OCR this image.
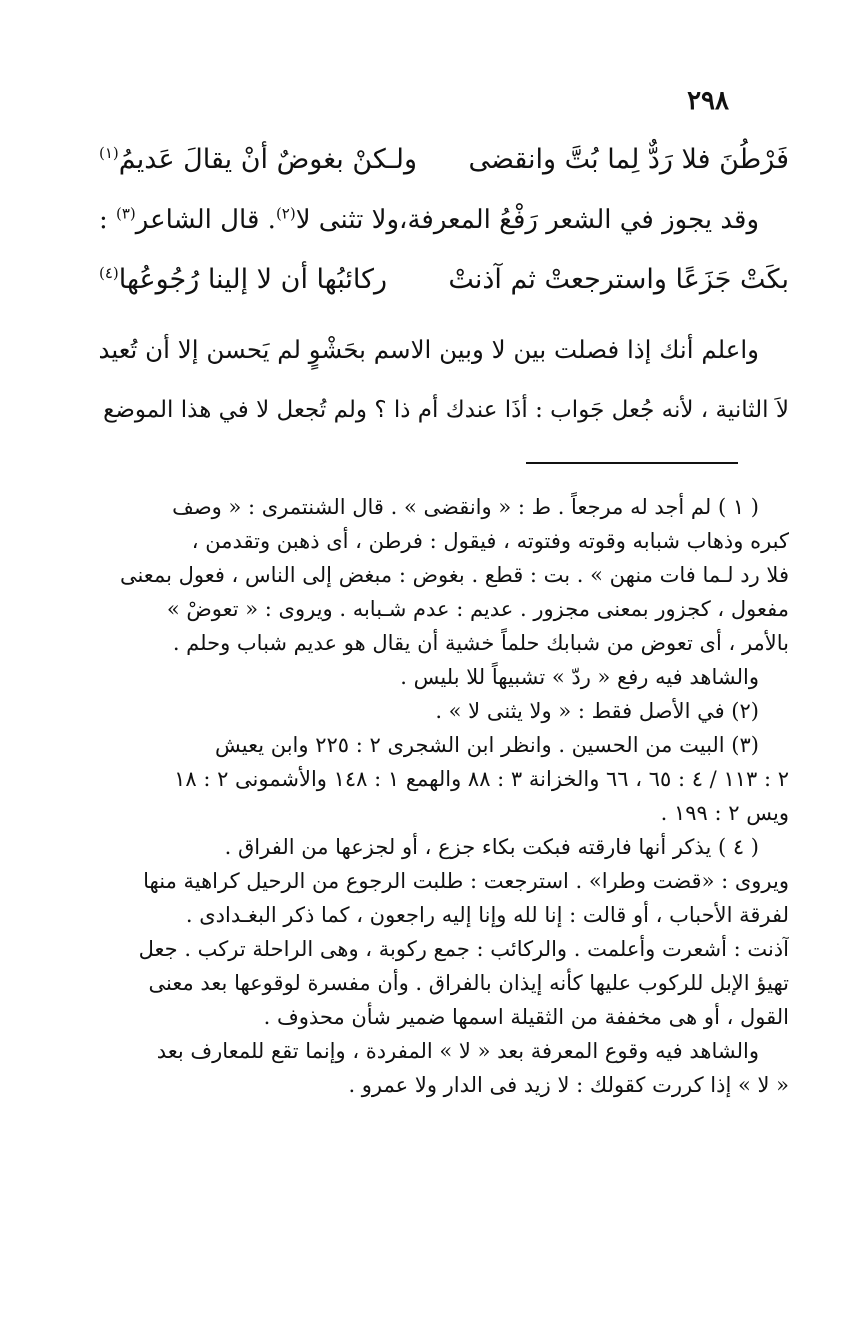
٢٩٨
فَرْطُنَ فلا رَدٌّ لِما بُتَّ وانقضى
ولـكنْ بغوضٌ أنْ يقالَ عَديمُ$^{(١)}$
وقد يجوز في الشعر رَفْعُ المعرفة،ولا تثنى لا$^{(٢)}$. قال الشاعر$^{(٣)}$ :
بكَتْ جَزَعًا واسترجعتْ ثم آذنتْ
ركائبُها أن لا إلينا رُجُوعُها$^{(٤)}$
واعلم أنك إذا فصلت بين لا وبين الاسم بحَشْوٍ لم يَحسن إلا أن تُعيد
لاَ الثانية ، لأنه جُعل جَواب : أذَا عندك أم ذا ؟ ولم تُجعل لا في هذا الموضع
( ١ ) لم أجد له مرجعاً . ط : « وانقضى » . قال الشنتمرى : « وصف
كبره وذهاب شبابه وقوته وفتوته ، فيقول : فرطن ، أى ذهبن وتقدمن ،
فلا رد لـما فات منهن » . بت : قطع . بغوض : مبغض إلى الناس ، فعول بمعنى
مفعول ، كجزور بمعنى مجزور . عديم : عدم شـبابه . ويروى : « تعوضْ »
بالأمر ، أى تعوض من شبابك حلماً خشية أن يقال هو عديم شباب وحلم .
والشاهد فيه رفع « ردّ » تشبيهاً للا بليس .
(٢) في الأصل فقط : « ولا يثنى لا » .
(٣) البيت من الحسين . وانظر ابن الشجرى ٢ : ٢٢٥ وابن يعيش
٢ : ١١٣ / ٤ : ٦٥ ، ٦٦ والخزانة ٣ : ٨٨ والهمع ١ : ١٤٨ والأشمونى ٢ : ١٨
ويس ٢ : ١٩٩ .
( ٤ ) يذكر أنها فارقته فبكت بكاء جزع ، أو لجزعها من الفراق .
ويروى : «قضت وطرا» . استرجعت : طلبت الرجوع من الرحيل كراهية منها
لفرقة الأحباب ، أو قالت : إنا لله وإنا إليه راجعون ، كما ذكر البغـدادى .
آذنت : أشعرت وأعلمت . والركائب : جمع ركوبة ، وهى الراحلة تركب . جعل
تهيؤ الإبل للركوب عليها كأنه إيذان بالفراق . وأن مفسرة لوقوعها بعد معنى
القول ، أو هى مخففة من الثقيلة اسمها ضمير شأن محذوف .
والشاهد فيه وقوع المعرفة بعد « لا » المفردة ، وإنما تقع للمعارف بعد
« لا » إذا كررت كقولك : لا زيد فى الدار ولا عمرو .
